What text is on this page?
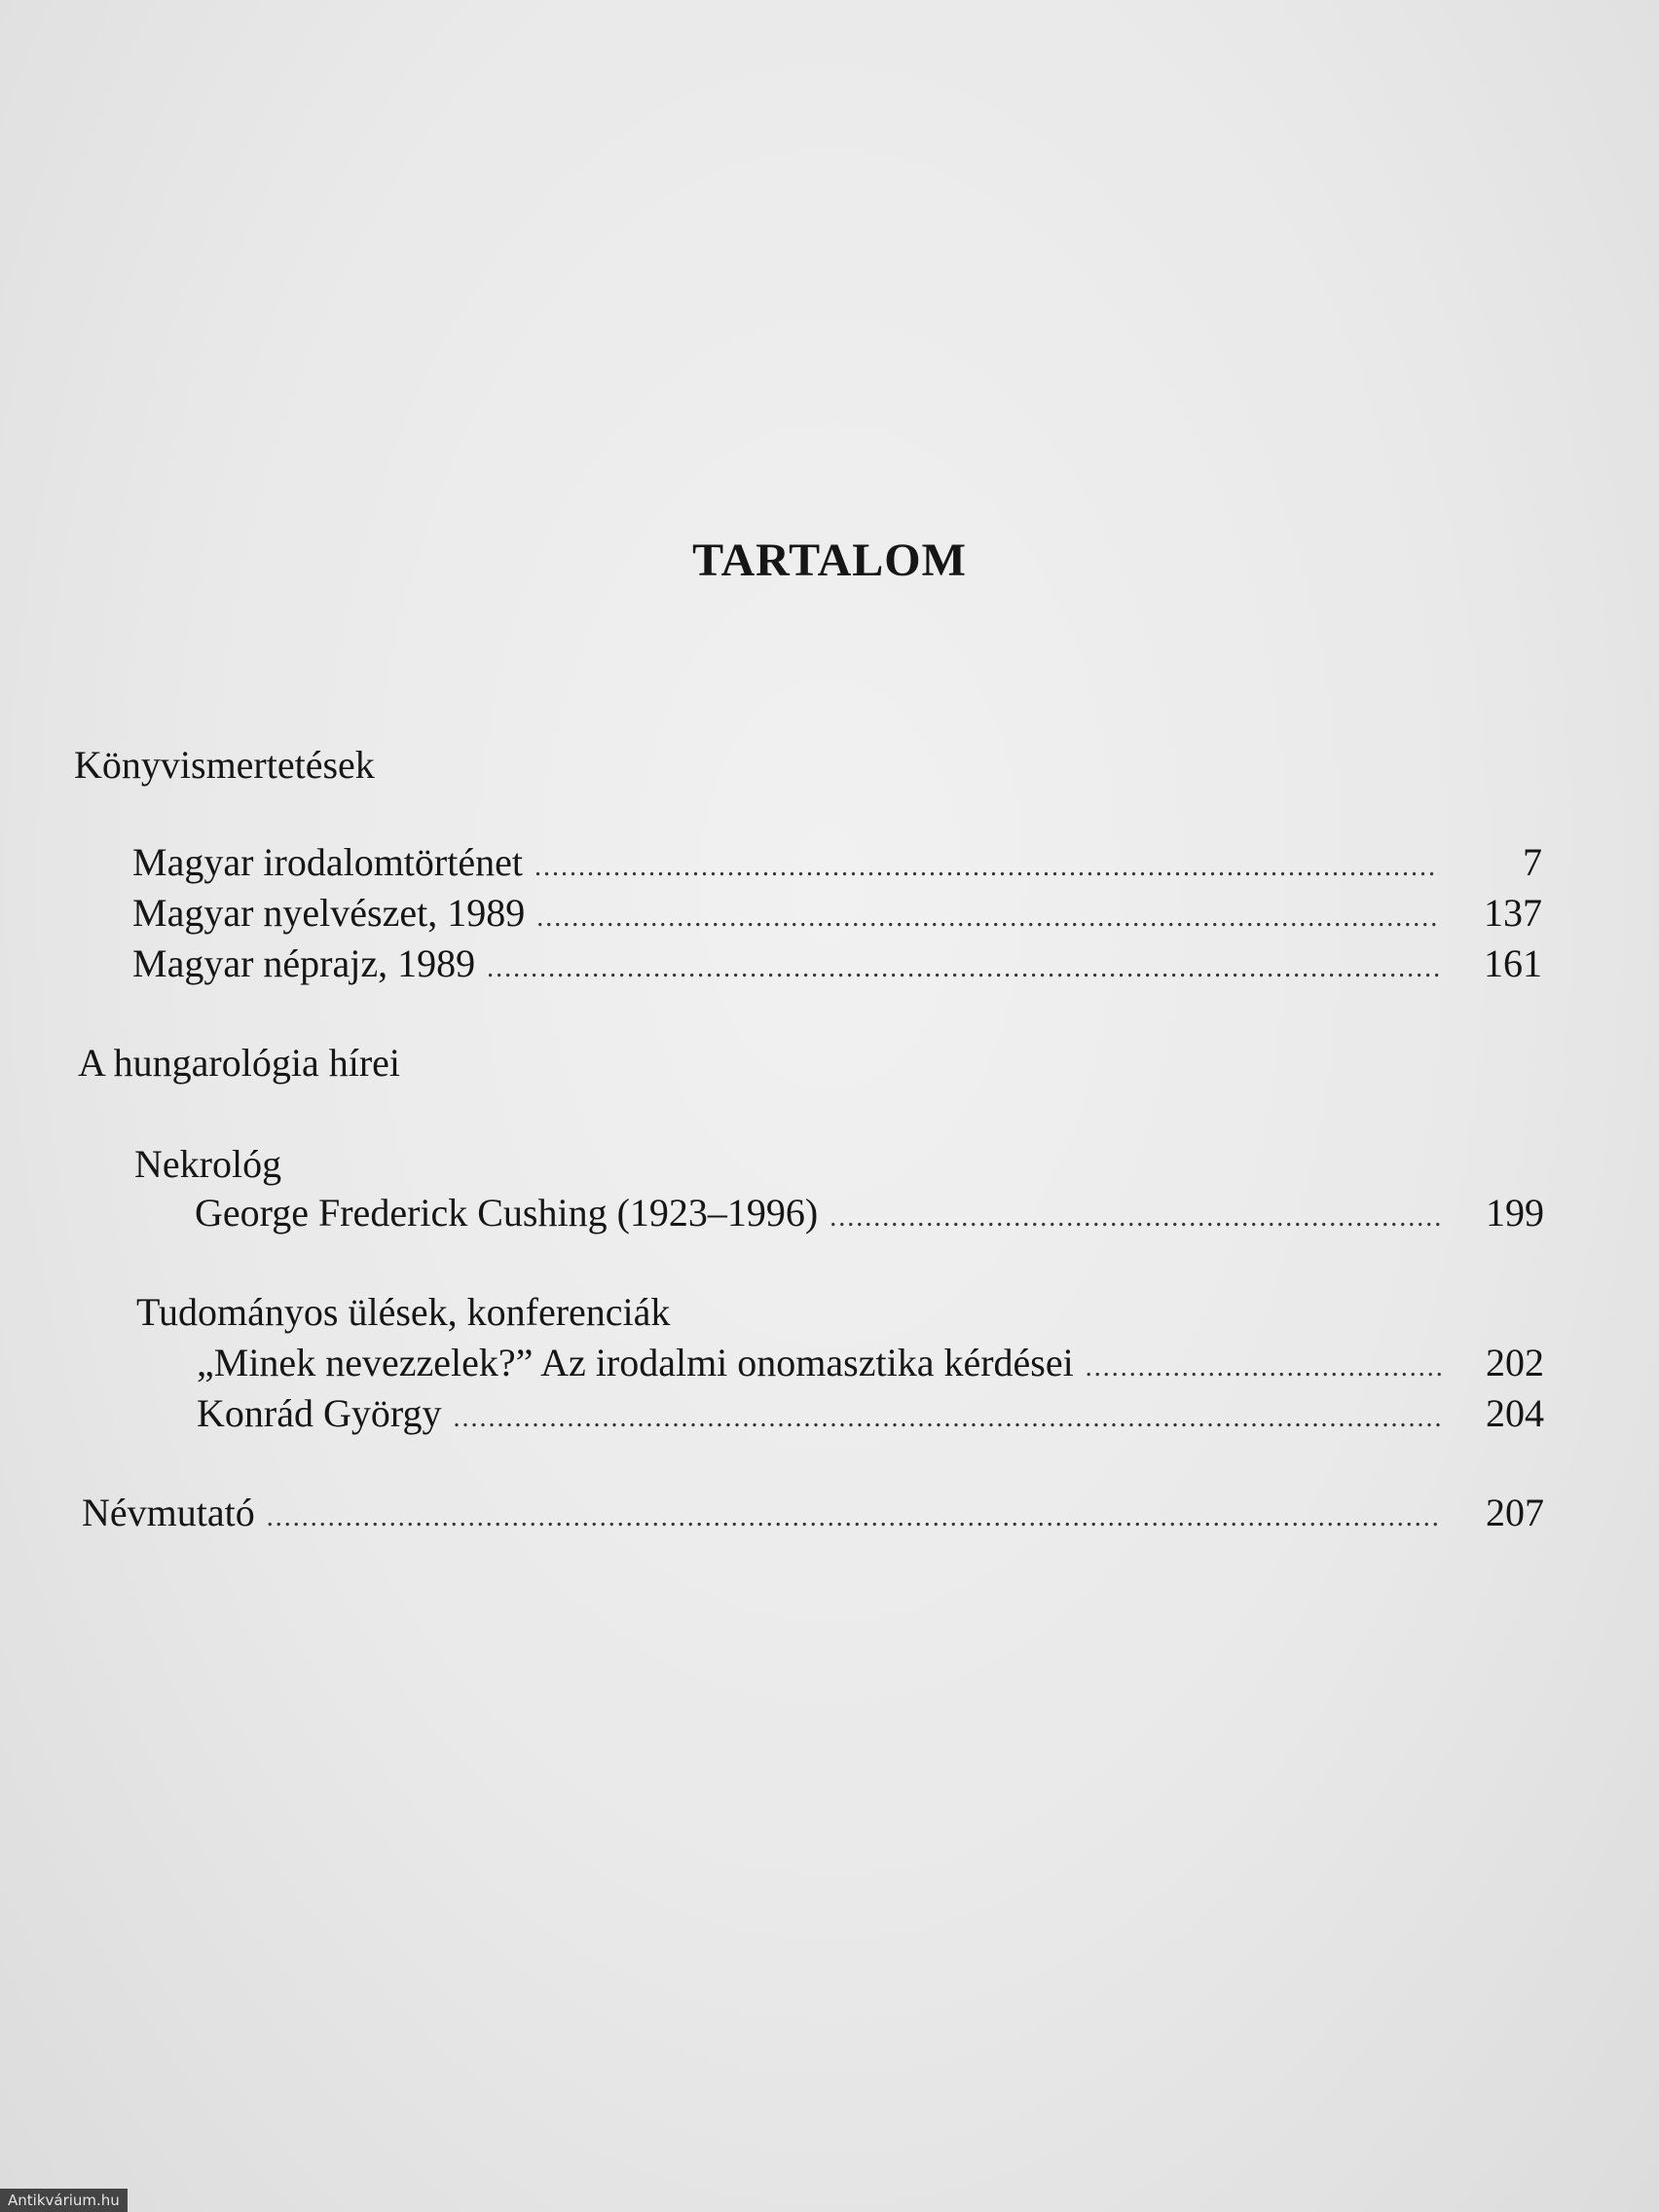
TARTALOM
Könyvismertetések
Magyar irodalomtörténet .....	7
Magyar nyelvészet, 1989 .....	137
Magyar néprajz, 1989 .....	161
A hungarológia hírei
Nekrológ
George Frederick Cushing (1923–1996) .....	199
Tudományos ülések, konferenciák
„Minek nevezzelek?” Az irodalmi onomasztika kérdései .....	202
Konrád György .....	204
Névmutató .....	207
Antikvárium.hu
